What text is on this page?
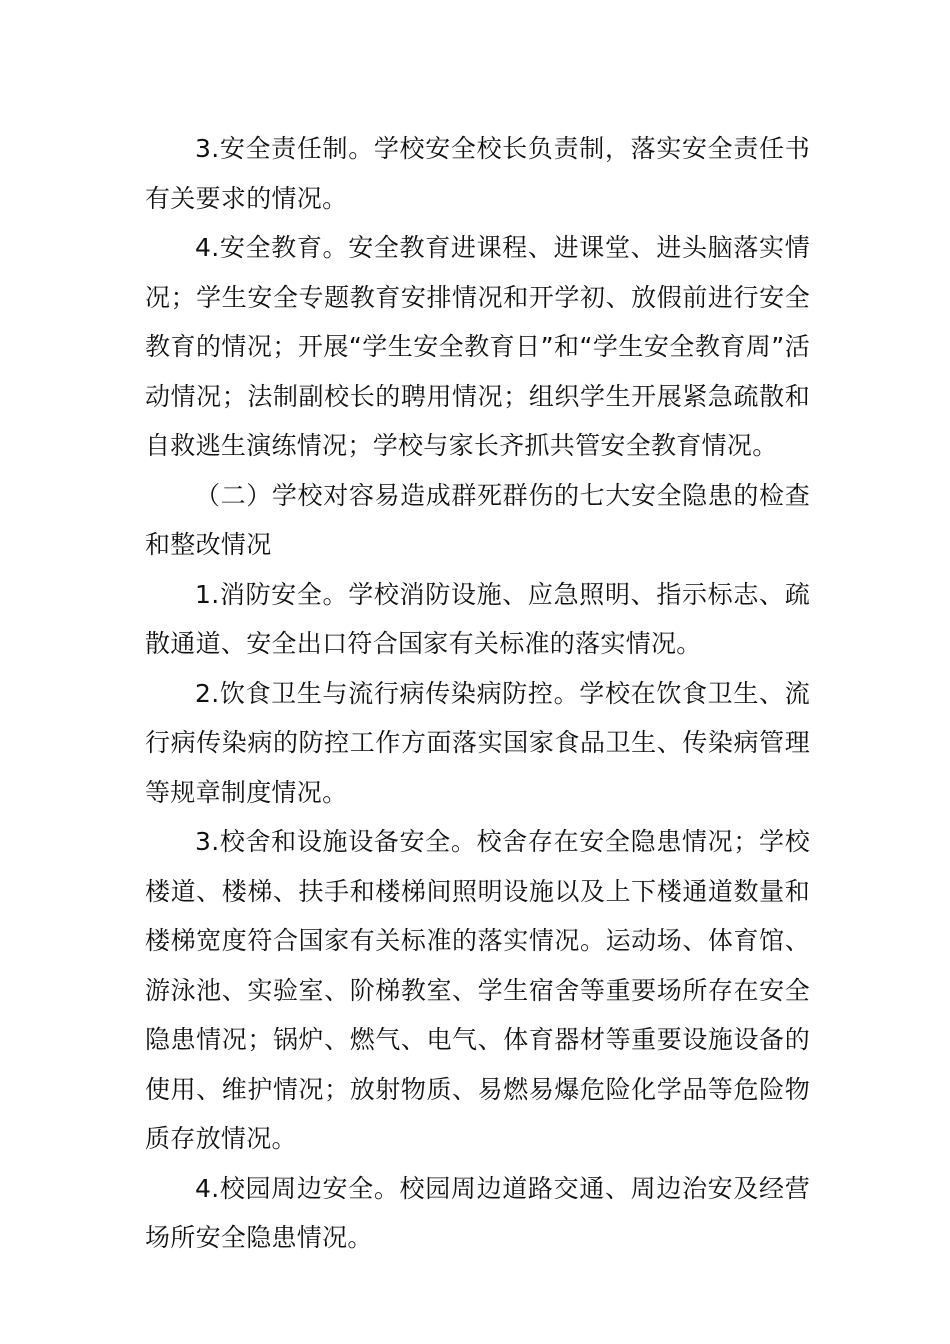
3.安全责任制。学校安全校长负责制，落实安全责任书有关要求的情况。

4.安全教育。安全教育进课程、进课堂、进头脑落实情况；学生安全专题教育安排情况和开学初、放假前进行安全教育的情况；开展“学生安全教育日”和“学生安全教育周”活动情况；法制副校长的聘用情况；组织学生开展紧急疏散和自救逃生演练情况；学校与家长齐抓共管安全教育情况。

（二）学校对容易造成群死群伤的七大安全隐患的检查和整改情况

1.消防安全。学校消防设施、应急照明、指示标志、疏散通道、安全出口符合国家有关标准的落实情况。

2.饮食卫生与流行病传染病防控。学校在饮食卫生、流行病传染病的防控工作方面落实国家食品卫生、传染病管理等规章制度情况。

3.校舍和设施设备安全。校舍存在安全隐患情况；学校楼道、楼梯、扶手和楼梯间照明设施以及上下楼通道数量和楼梯宽度符合国家有关标准的落实情况。运动场、体育馆、游泳池、实验室、阶梯教室、学生宿舍等重要场所存在安全隐患情况；锅炉、燃气、电气、体育器材等重要设施设备的使用、维护情况；放射物质、易燃易爆危险化学品等危险物质存放情况。

4.校园周边安全。校园周边道路交通、周边治安及经营场所安全隐患情况。
